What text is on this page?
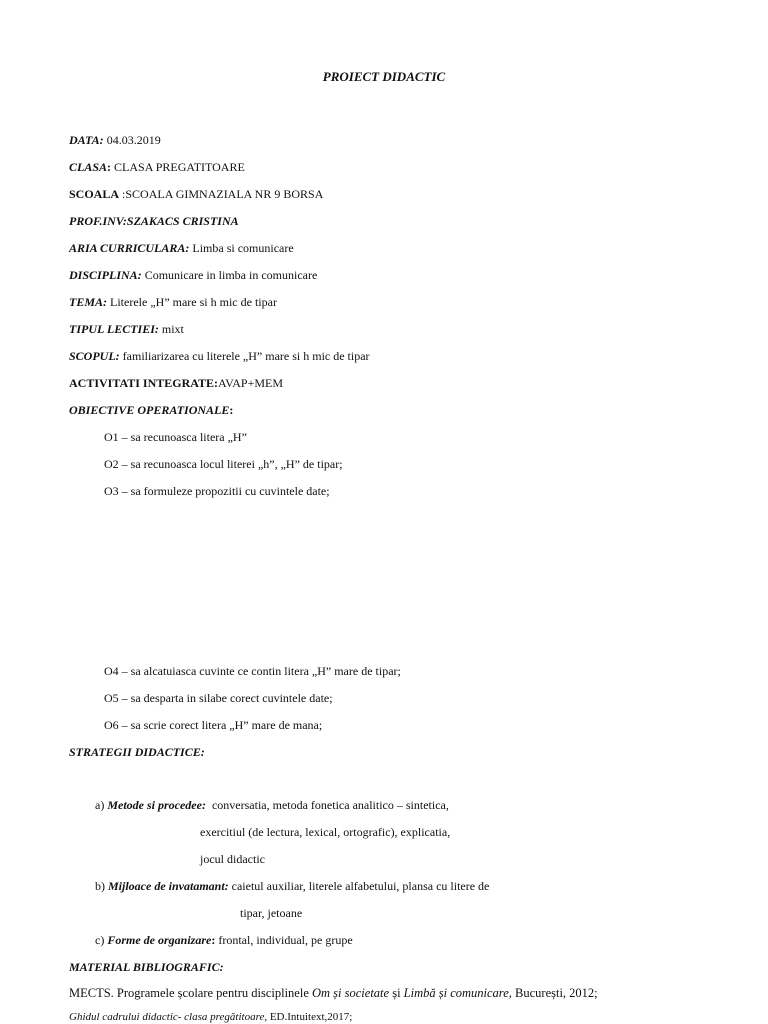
PROIECT DIDACTIC
DATA: 04.03.2019
CLASA: CLASA PREGATITOARE
SCOALA :SCOALA GIMNAZIALA NR 9 BORSA
PROF.INV:SZAKACS CRISTINA
ARIA CURRICULARA: Limba si comunicare
DISCIPLINA: Comunicare in limba in comunicare
TEMA: Literele „H” mare si h mic de tipar
TIPUL LECTIEI: mixt
SCOPUL: familiarizarea cu literele „H” mare si h mic de tipar
ACTIVITATI INTEGRATE:AVAP+MEM
OBIECTIVE OPERATIONALE:
O1 – sa recunoasca litera „H”
O2 – sa recunoasca locul literei „h”, „H” de tipar;
O3 – sa formuleze propozitii cu cuvintele date;
O4 – sa alcatuiasca cuvinte ce contin litera „H” mare de tipar;
O5 – sa desparta in silabe corect cuvintele date;
O6 – sa scrie corect litera „H” mare de mana;
STRATEGII DIDACTICE:
a) Metode si procedee:  conversatia, metoda fonetica analitico – sintetica,
exercitiul (de lectura, lexical, ortografic), explicatia,
jocul didactic
b) Mijloace de invatamant: caietul auxiliar, literele alfabetului, plansa cu litere de
tipar, jetoane
c) Forme de organizare: frontal, individual, pe grupe
MATERIAL BIBLIOGRAFIC:
MECTS. Programele școlare pentru disciplinele Om și societate și Limbă și comunicare, București, 2012;
Ghidul cadrului didactic- clasa pregătitoare, ED.Intuitext,2017;
